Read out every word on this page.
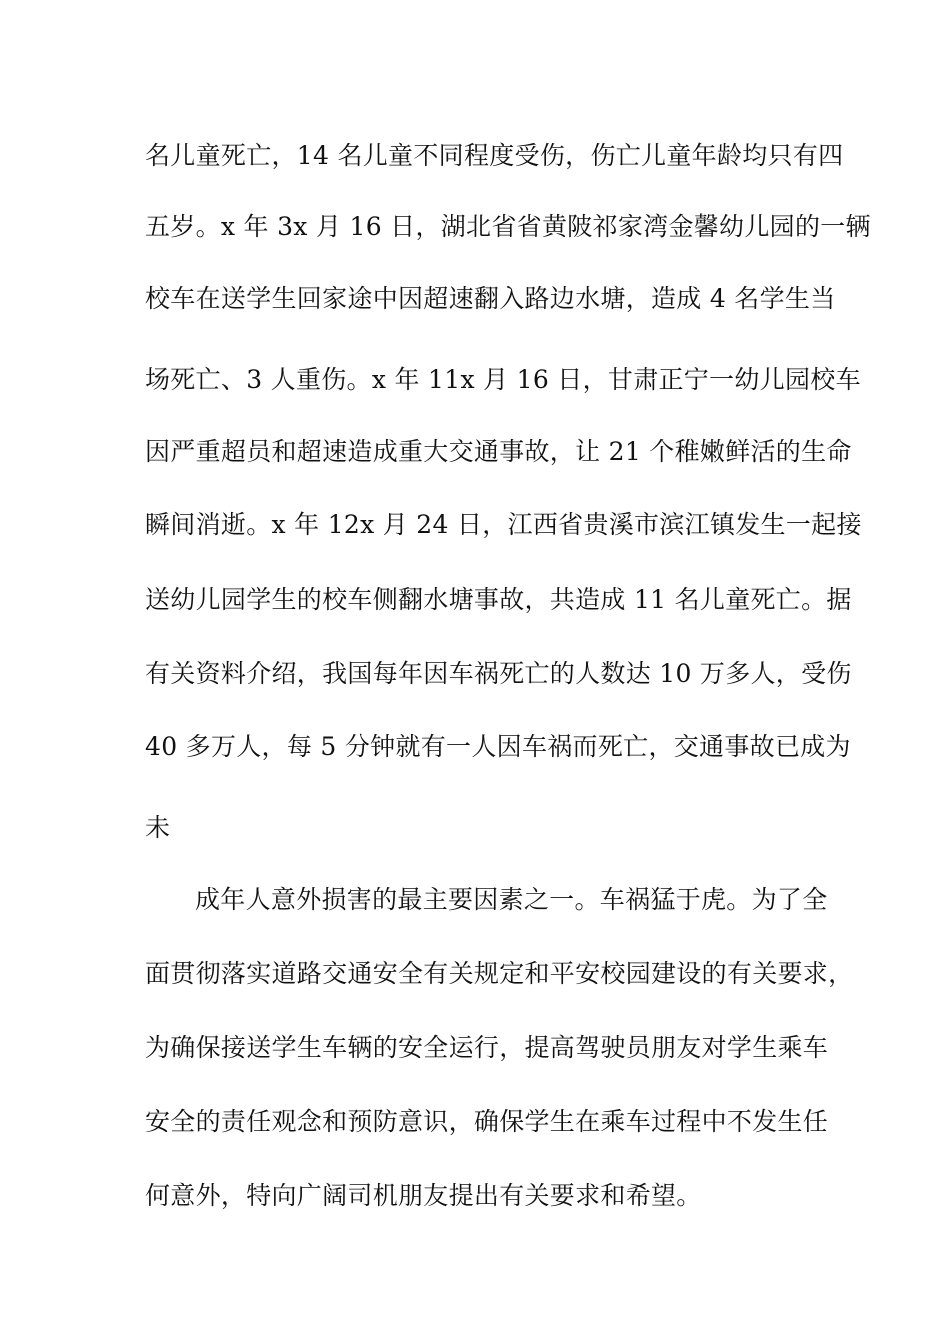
名儿童死亡，14 名儿童不同程度受伤，伤亡儿童年龄均只有四
五岁。x 年 3x 月 16 日，湖北省省黄陂祁家湾金馨幼儿园的一辆
校车在送学生回家途中因超速翻入路边水塘，造成 4 名学生当
场死亡、3 人重伤。x 年 11x 月 16 日，甘肃正宁一幼儿园校车
因严重超员和超速造成重大交通事故，让 21 个稚嫩鲜活的生命
瞬间消逝。x 年 12x 月 24 日，江西省贵溪市滨江镇发生一起接
送幼儿园学生的校车侧翻水塘事故，共造成 11 名儿童死亡。据
有关资料介绍，我国每年因车祸死亡的人数达 10 万多人，受伤
40 多万人，每 5 分钟就有一人因车祸而死亡，交通事故已成为
未
成年人意外损害的最主要因素之一。车祸猛于虎。为了全
面贯彻落实道路交通安全有关规定和平安校园建设的有关要求，
为确保接送学生车辆的安全运行，提高驾驶员朋友对学生乘车
安全的责任观念和预防意识，确保学生在乘车过程中不发生任
何意外，特向广阔司机朋友提出有关要求和希望。
